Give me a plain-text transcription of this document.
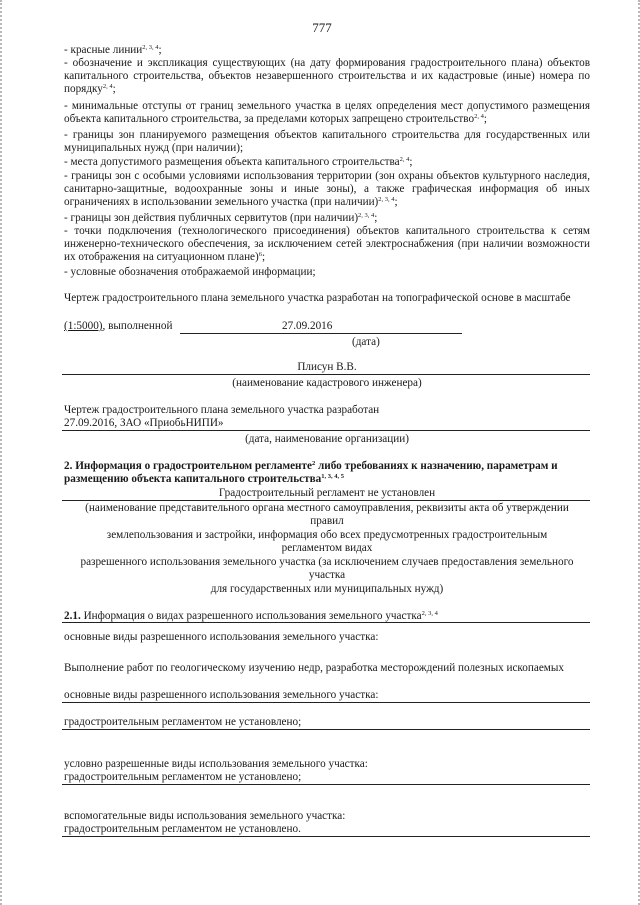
777
- красные линии$^{2, 3, 4}$;
- обозначение и экспликация существующих (на дату формирования градостроительного плана) объектов капитального строительства, объектов незавершенного строительства и их кадастровые (иные) номера по порядку$^{2, 4}$;
- минимальные отступы от границ земельного участка в целях определения мест допустимого размещения объекта капитального строительства, за пределами которых запрещено строительство$^{2, 4}$;
- границы зон планируемого размещения объектов капитального строительства для государственных или муниципальных нужд (при наличии);
- места допустимого размещения объекта капитального строительства$^{2, 4}$;
- границы зон с особыми условиями использования территории (зон охраны объектов культурного наследия, санитарно-защитные, водоохранные зоны и иные зоны), а также графическая информация об иных ограничениях в использовании земельного участка (при наличии)$^{2, 3, 4}$;
- границы зон действия публичных сервитутов (при наличии)$^{2, 3, 4}$;
- точки подключения (технологического присоединения) объектов капитального строительства к сетям инженерно-технического обеспечения, за исключением сетей электроснабжения (при наличии возможности их отображения на ситуационном плане)$^6$;
- условные обозначения отображаемой информации;
Чертеж градостроительного плана земельного участка разработан на топографической основе в масштабе
(1:5000), выполненной	27.09.2016
(дата)
Плисун В.В.
(наименование кадастрового инженера)
Чертеж градостроительного плана земельного участка разработан
27.09.2016, ЗАО «ПриобьНИПИ»
(дата, наименование организации)
2. Информация о градостроительном регламенте$^2$ либо требованиях к назначению, параметрам и
размещению объекта капитального строительства$^{1, 3, 4, 5}$
Градостроительный регламент не установлен
(наименование представительного органа местного самоуправления, реквизиты акта об утверждении
правил
землепользования и застройки, информация обо всех предусмотренных градостроительным
регламентом видах
разрешенного использования земельного участка (за исключением случаев предоставления земельного
участка
для государственных или муниципальных нужд)
2.1. Информация о видах разрешенного использования земельного участка$^{2, 3, 4}$
основные виды разрешенного использования земельного участка:
Выполнение работ по геологическому изучению недр, разработка месторождений полезных ископаемых
основные виды разрешенного использования земельного участка:
градостроительным регламентом не установлено;
условно разрешенные виды использования земельного участка:
градостроительным регламентом не установлено;
вспомогательные виды использования земельного участка:
градостроительным регламентом не установлено.
